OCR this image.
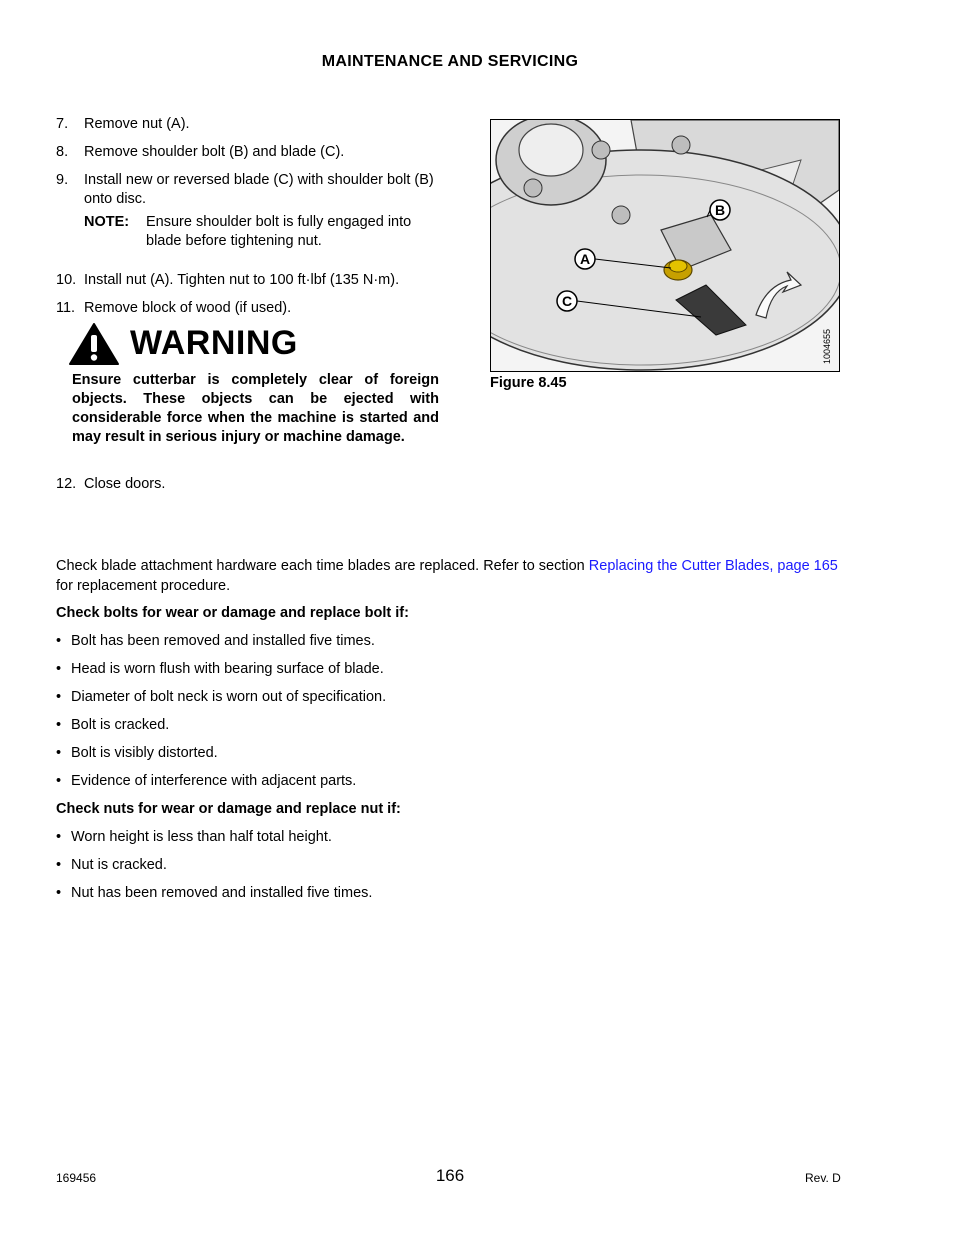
MAINTENANCE AND SERVICING
7.	Remove nut (A).
8.	Remove shoulder bolt (B) and blade (C).
9.	Install new or reversed blade (C) with shoulder bolt (B) onto disc.
NOTE: Ensure shoulder bolt is fully engaged into blade before tightening nut.
10. Install nut (A). Tighten nut to 100 ft·lbf (135 N·m).
11. Remove block of wood (if used).
WARNING
Ensure cutterbar is completely clear of foreign objects. These objects can be ejected with considerable force when the machine is started and may result in serious injury or machine damage.
12. Close doors.
B
A
C
1004655
Figure 8.45
Check blade attachment hardware each time blades are replaced. Refer to section Replacing the Cutter Blades, page 165 for replacement procedure.
Check bolts for wear or damage and replace bolt if:
• Bolt has been removed and installed five times.
• Head is worn flush with bearing surface of blade.
• Diameter of bolt neck is worn out of specification.
• Bolt is cracked.
• Bolt is visibly distorted.
• Evidence of interference with adjacent parts.
Check nuts for wear or damage and replace nut if:
• Worn height is less than half total height.
• Nut is cracked.
• Nut has been removed and installed five times.
169456	166	Rev. D
